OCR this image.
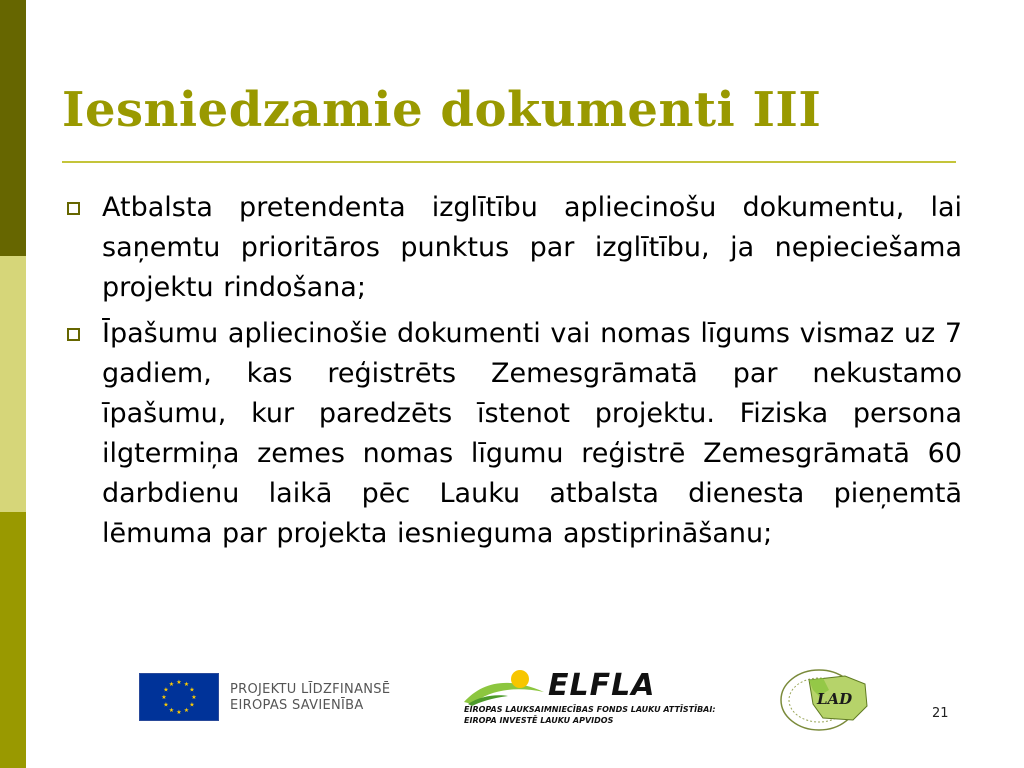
Iesniedzamie dokumenti III
Atbalsta pretendenta izglītību apliecinošu dokumentu, lai saņemtu prioritāros punktus par izglītību, ja nepieciešama projektu rindošana;
Īpašumu apliecinošie dokumenti vai nomas līgums vismaz uz 7 gadiem, kas reģistrēts Zemesgrāmatā par nekustamo īpašumu, kur paredzēts īstenot projektu. Fiziska persona ilgtermiņa zemes nomas līgumu reģistrē Zemesgrāmatā 60 darbdienu laikā pēc Lauku atbalsta dienesta pieņemtā lēmuma par projekta iesnieguma apstiprināšanu;
★ ★
★
★
★
★
★
★
★
★
★
★	PROJEKTU LĪDZFINANSĒ
EIROPAS SAVIENĪBA
ELFLA
EIROPAS LAUKSAIMNIECĪBAS FONDS LAUKU ATTĪSTĪBAI:
EIROPA INVESTĒ LAUKU APVIDOS
LAD
21
